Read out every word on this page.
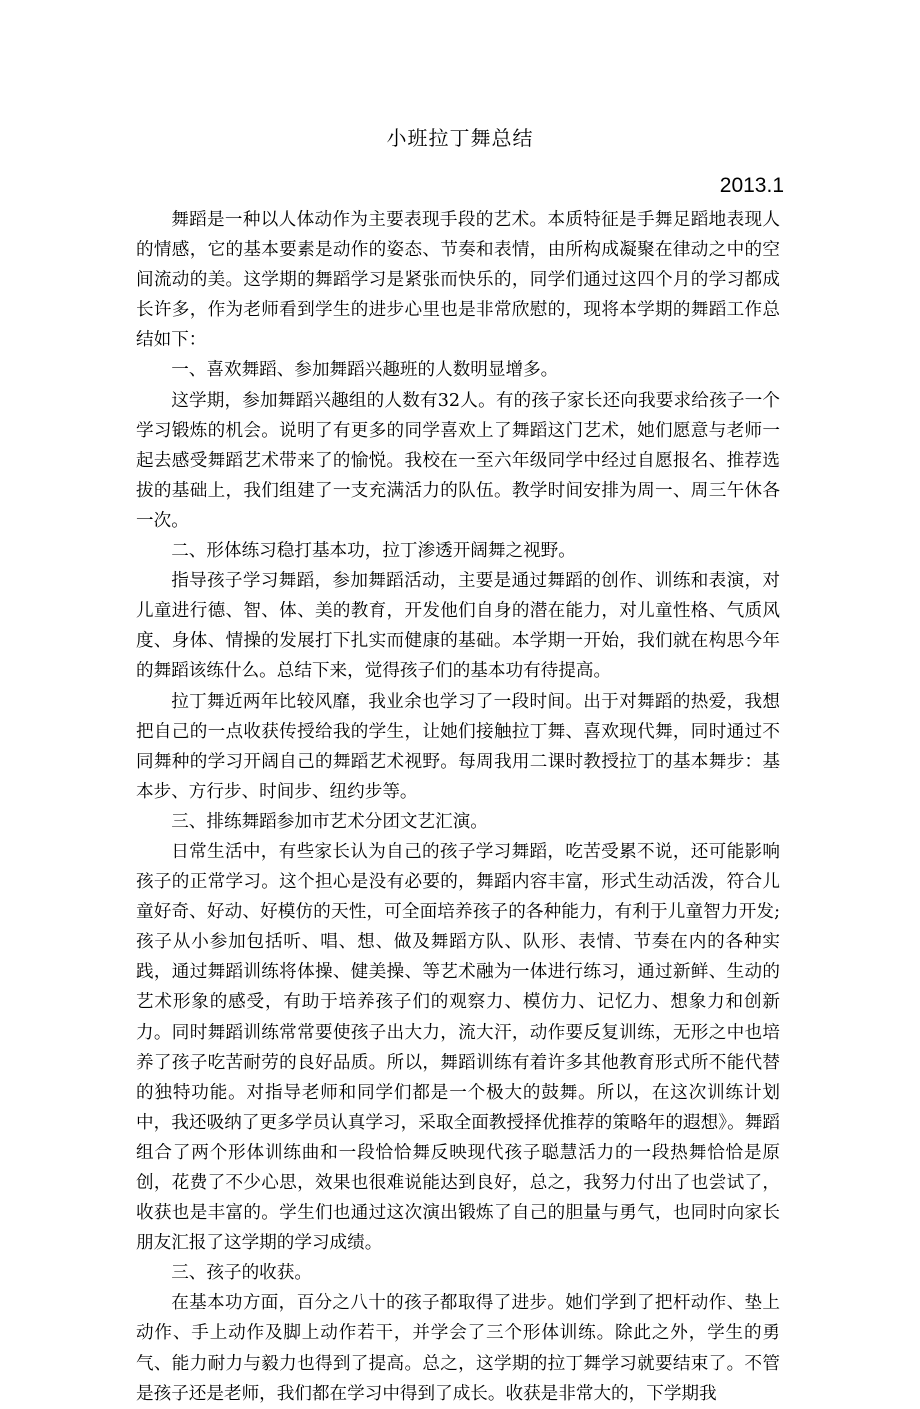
小班拉丁舞总结
2013.1

舞蹈是一种以人体动作为主要表现手段的艺术。本质特征是手舞足蹈地表现人的情感，它的基本要素是动作的姿态、节奏和表情，由所构成凝聚在律动之中的空间流动的美。这学期的舞蹈学习是紧张而快乐的，同学们通过这四个月的学习都成长许多，作为老师看到学生的进步心里也是非常欣慰的，现将本学期的舞蹈工作总结如下：

一、喜欢舞蹈、参加舞蹈兴趣班的人数明显增多。

这学期，参加舞蹈兴趣组的人数有32人。有的孩子家长还向我要求给孩子一个学习锻炼的机会。说明了有更多的同学喜欢上了舞蹈这门艺术，她们愿意与老师一起去感受舞蹈艺术带来了的愉悦。我校在一至六年级同学中经过自愿报名、推荐选拔的基础上，我们组建了一支充满活力的队伍。教学时间安排为周一、周三午休各一次。

二、形体练习稳打基本功，拉丁渗透开阔舞之视野。

指导孩子学习舞蹈，参加舞蹈活动，主要是通过舞蹈的创作、训练和表演，对儿童进行德、智、体、美的教育，开发他们自身的潜在能力，对儿童性格、气质风度、身体、情操的发展打下扎实而健康的基础。本学期一开始，我们就在构思今年的舞蹈该练什么。总结下来，觉得孩子们的基本功有待提高。

拉丁舞近两年比较风靡，我业余也学习了一段时间。出于对舞蹈的热爱，我想把自己的一点收获传授给我的学生，让她们接触拉丁舞、喜欢现代舞，同时通过不同舞种的学习开阔自己的舞蹈艺术视野。每周我用二课时教授拉丁的基本舞步：基本步、方行步、时间步、纽约步等。

三、排练舞蹈参加市艺术分团文艺汇演。

日常生活中，有些家长认为自己的孩子学习舞蹈，吃苦受累不说，还可能影响孩子的正常学习。这个担心是没有必要的，舞蹈内容丰富，形式生动活泼，符合儿童好奇、好动、好模仿的天性，可全面培养孩子的各种能力，有利于儿童智力开发;孩子从小参加包括听、唱、想、做及舞蹈方队、队形、表情、节奏在内的各种实践，通过舞蹈训练将体操、健美操、等艺术融为一体进行练习，通过新鲜、生动的艺术形象的感受，有助于培养孩子们的观察力、模仿力、记忆力、想象力和创新力。同时舞蹈训练常常要使孩子出大力，流大汗，动作要反复训练，无形之中也培养了孩子吃苦耐劳的良好品质。所以，舞蹈训练有着许多其他教育形式所不能代替的独特功能。对指导老师和同学们都是一个极大的鼓舞。所以，在这次训练计划中，我还吸纳了更多学员认真学习，采取全面教授择优推荐的策略年的遐想》。舞蹈组合了两个形体训练曲和一段恰恰舞反映现代孩子聪慧活力的一段热舞恰恰是原创，花费了不少心思，效果也很难说能达到良好，总之，我努力付出了也尝试了，收获也是丰富的。学生们也通过这次演出锻炼了自己的胆量与勇气，也同时向家长朋友汇报了这学期的学习成绩。

三、孩子的收获。

在基本功方面，百分之八十的孩子都取得了进步。她们学到了把杆动作、垫上动作、手上动作及脚上动作若干，并学会了三个形体训练。除此之外，学生的勇气、能力耐力与毅力也得到了提高。总之，这学期的拉丁舞学习就要结束了。不管是孩子还是老师，我们都在学习中得到了成长。收获是非常大的，下学期我
